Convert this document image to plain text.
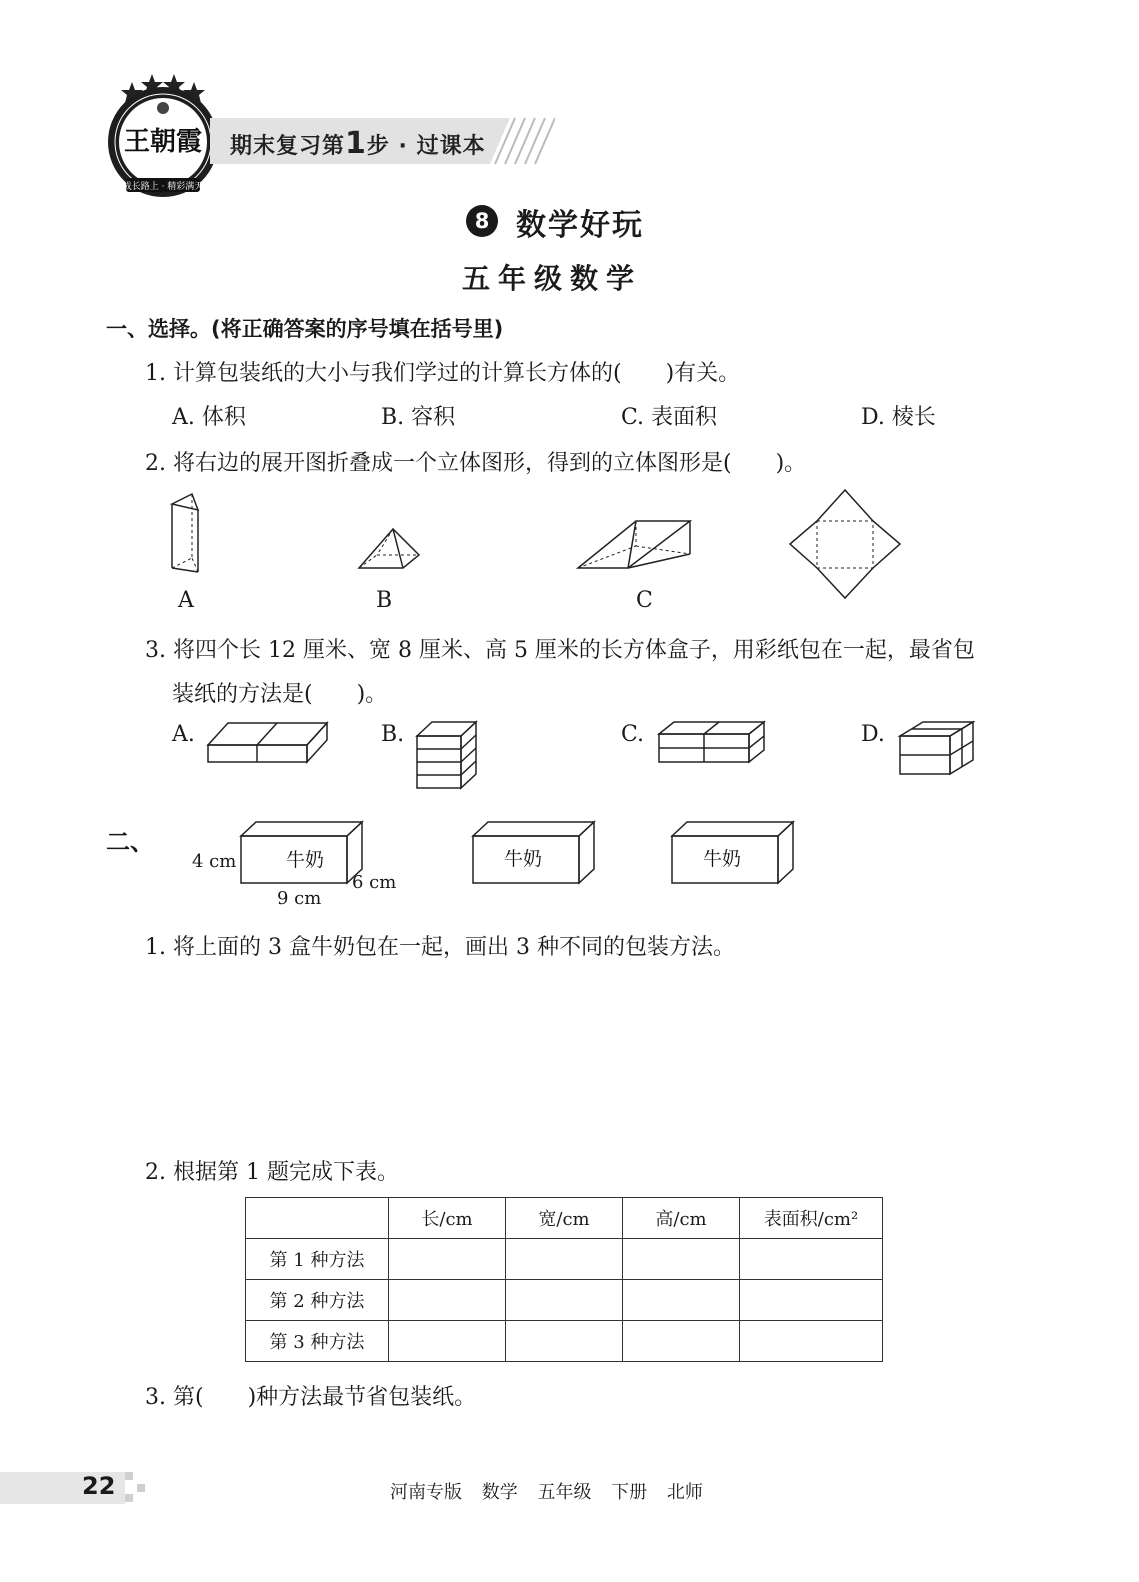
王朝霞
成长路上 · 精彩满天
期末复习第1步 · 过课本
8 数学好玩
五年级数学
一、选择。(将正确答案的序号填在括号里)
1. 计算包装纸的大小与我们学过的计算长方体的(　　)有关。
A. 体积	B. 容积	C. 表面积	D. 棱长
2. 将右边的展开图折叠成一个立体图形，得到的立体图形是(　　)。
A	B	C
3. 将四个长 12 厘米、宽 8 厘米、高 5 厘米的长方体盒子，用彩纸包在一起，最省包
装纸的方法是(　　)。
A.	B.	C.	D.
二、
牛奶
4 cm
9 cm
6 cm
牛奶	牛奶
1. 将上面的 3 盒牛奶包在一起，画出 3 种不同的包装方法。
2. 根据第 1 题完成下表。
	长/cm	宽/cm	高/cm	表面积/cm²
第 1 种方法				
第 2 种方法				
第 3 种方法				
3. 第(　　)种方法最节省包装纸。
22	河南专版 数学 五年级 下册 北师
